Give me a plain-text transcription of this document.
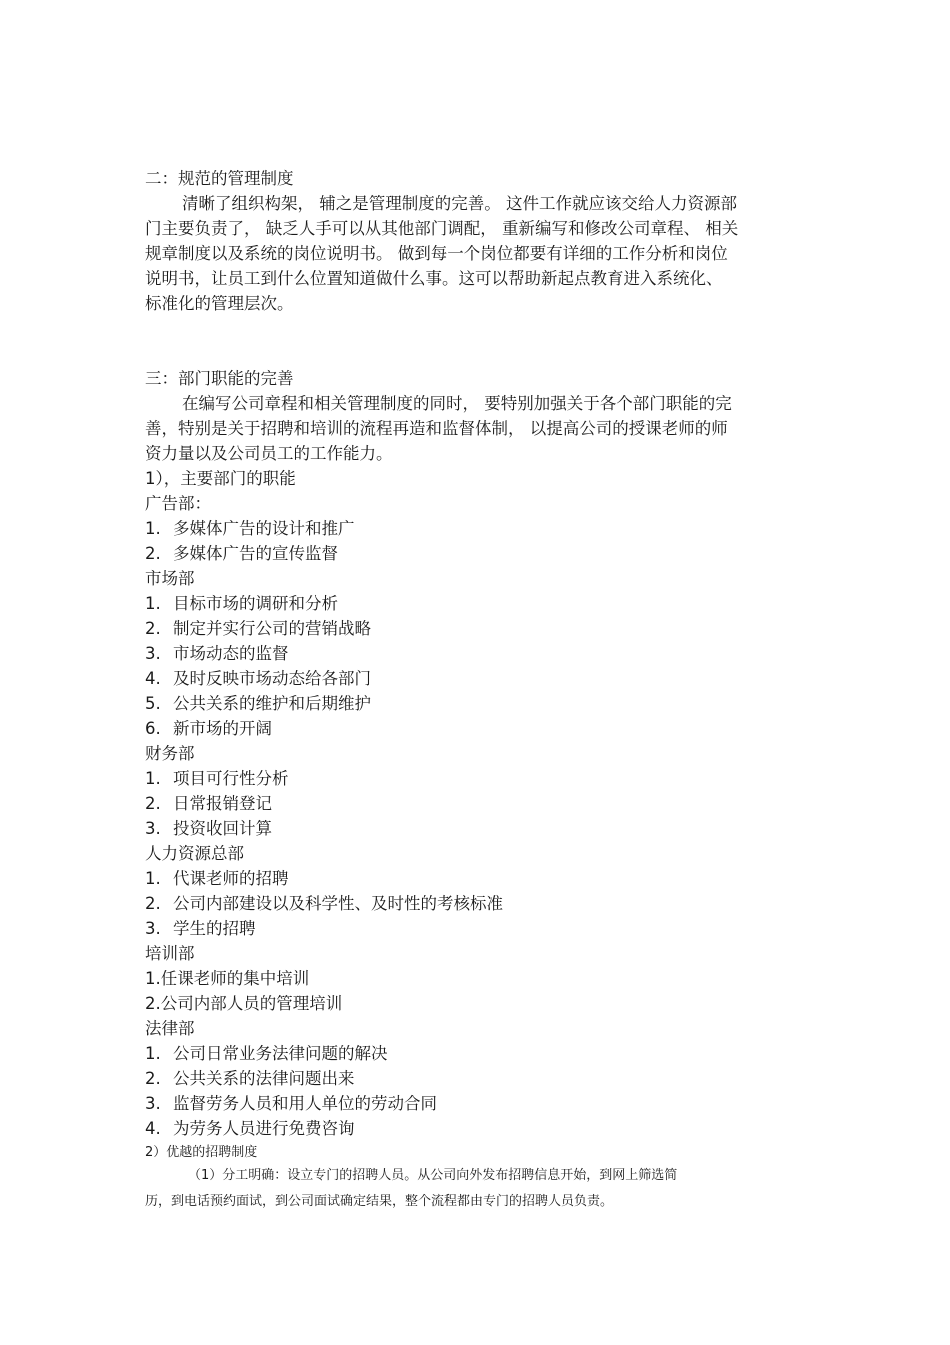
二：规范的管理制度

清晰了组织构架， 辅之是管理制度的完善。 这件工作就应该交给人力资源部

门主要负责了， 缺乏人手可以从其他部门调配， 重新编写和修改公司章程、 相关

规章制度以及系统的岗位说明书。 做到每一个岗位都要有详细的工作分析和岗位

说明书，让员工到什么位置知道做什么事。这可以帮助新起点教育进入系统化、

标准化的管理层次。

三：部门职能的完善

在编写公司章程和相关管理制度的同时， 要特别加强关于各个部门职能的完

善，特别是关于招聘和培训的流程再造和监督体制， 以提高公司的授课老师的师

资力量以及公司员工的工作能力。

1），主要部门的职能

广告部：

1. 多媒体广告的设计和推广

2. 多媒体广告的宣传监督

市场部

1. 目标市场的调研和分析

2. 制定并实行公司的营销战略

3. 市场动态的监督

4. 及时反映市场动态给各部门

5. 公共关系的维护和后期维护

6. 新市场的开阔

财务部

1. 项目可行性分析

2. 日常报销登记

3. 投资收回计算

人力资源总部

1. 代课老师的招聘

2. 公司内部建设以及科学性、及时性的考核标准

3. 学生的招聘

培训部

1.任课老师的集中培训

2.公司内部人员的管理培训

法律部

1. 公司日常业务法律问题的解决

2. 公共关系的法律问题出来

3. 监督劳务人员和用人单位的劳动合同

4. 为劳务人员进行免费咨询

2）优越的招聘制度

（1）分工明确：设立专门的招聘人员。从公司向外发布招聘信息开始，到网上筛选简

历，到电话预约面试，到公司面试确定结果，整个流程都由专门的招聘人员负责。
